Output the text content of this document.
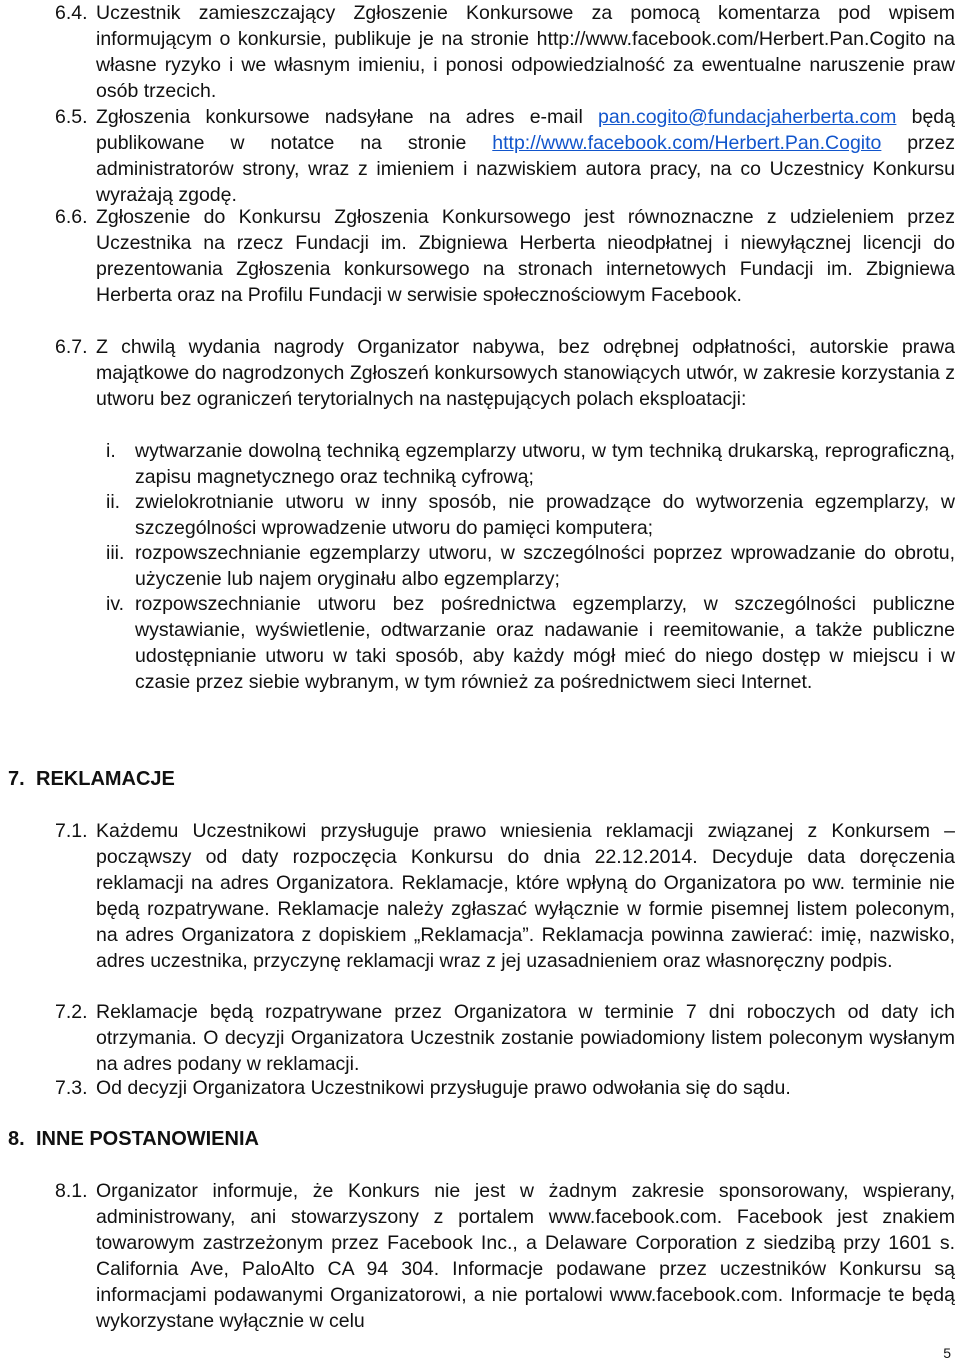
6.4. Uczestnik zamieszczający Zgłoszenie Konkursowe za pomocą komentarza pod wpisem informującym o konkursie, publikuje je na stronie http://www.facebook.com/Herbert.Pan.Cogito na własne ryzyko i we własnym imieniu, i ponosi odpowiedzialność za ewentualne naruszenie praw osób trzecich.
6.5. Zgłoszenia konkursowe nadsyłane na adres e-mail pan.cogito@fundacjaherberta.com będą publikowane w notatce na stronie http://www.facebook.com/Herbert.Pan.Cogito przez administratorów strony, wraz z imieniem i nazwiskiem autora pracy, na co Uczestnicy Konkursu wyrażają zgodę.
6.6. Zgłoszenie do Konkursu Zgłoszenia Konkursowego jest równoznaczne z udzieleniem przez Uczestnika na rzecz Fundacji im. Zbigniewa Herberta nieodpłatnej i niewyłącznej licencji do prezentowania Zgłoszenia konkursowego na stronach internetowych Fundacji im. Zbigniewa Herberta oraz na Profilu Fundacji w serwisie społecznościowym Facebook.
6.7. Z chwilą wydania nagrody Organizator nabywa, bez odrębnej odpłatności, autorskie prawa majątkowe do nagrodzonych Zgłoszeń konkursowych stanowiących utwór, w zakresie korzystania z utworu bez ograniczeń terytorialnych na następujących polach eksploatacji:
i. wytwarzanie dowolną techniką egzemplarzy utworu, w tym techniką drukarską, reprograficzną, zapisu magnetycznego oraz techniką cyfrową;
ii. zwielokrotnianie utworu w inny sposób, nie prowadzące do wytworzenia egzemplarzy, w szczególności wprowadzenie utworu do pamięci komputera;
iii. rozpowszechnianie egzemplarzy utworu, w szczególności poprzez wprowadzanie do obrotu, użyczenie lub najem oryginału albo egzemplarzy;
iv. rozpowszechnianie utworu bez pośrednictwa egzemplarzy, w szczególności publiczne wystawianie, wyświetlenie, odtwarzanie oraz nadawanie i reemitowanie, a także publiczne udostępnianie utworu w taki sposób, aby każdy mógł mieć do niego dostęp w miejscu i w czasie przez siebie wybranym, w tym również za pośrednictwem sieci Internet.
7. REKLAMACJE
7.1. Każdemu Uczestnikowi przysługuje prawo wniesienia reklamacji związanej z Konkursem – począwszy od daty rozpoczęcia Konkursu do dnia 22.12.2014. Decyduje data doręczenia reklamacji na adres Organizatora. Reklamacje, które wpłyną do Organizatora po ww. terminie nie będą rozpatrywane. Reklamacje należy zgłaszać wyłącznie w formie pisemnej listem poleconym, na adres Organizatora z dopiskiem „Reklamacja”. Reklamacja powinna zawierać: imię, nazwisko, adres uczestnika, przyczynę reklamacji wraz z jej uzasadnieniem oraz własnoręczny podpis.
7.2. Reklamacje będą rozpatrywane przez Organizatora w terminie 7 dni roboczych od daty ich otrzymania. O decyzji Organizatora Uczestnik zostanie powiadomiony listem poleconym wysłanym na adres podany w reklamacji.
7.3. Od decyzji Organizatora Uczestnikowi przysługuje prawo odwołania się do sądu.
8. INNE POSTANOWIENIA
8.1. Organizator informuje, że Konkurs nie jest w żadnym zakresie sponsorowany, wspierany, administrowany, ani stowarzyszony z portalem www.facebook.com. Facebook jest znakiem towarowym zastrzeżonym przez Facebook Inc., a Delaware Corporation z siedzibą przy 1601 s. California Ave, PaloAlto CA 94 304. Informacje podawane przez uczestników Konkursu są informacjami podawanymi Organizatorowi, a nie portalowi www.facebook.com. Informacje te będą wykorzystane wyłącznie w celu
5
